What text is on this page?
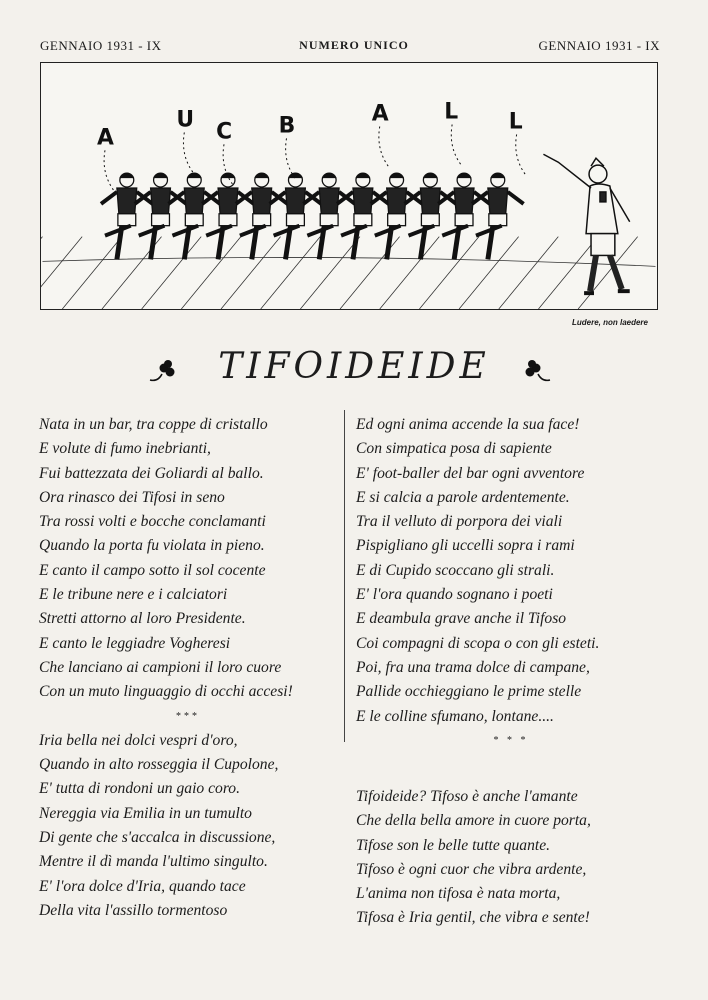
GENNAIO 1931 - IX	NUMERO UNICO	GENNAIO 1931 - IX
A
U C B	A	L L
Ludere, non laedere
TIFOIDEIDE
Nata in un bar, tra coppe di cristallo
E volute di fumo inebrianti,
Fui battezzata dei Goliardi al ballo.
Ora rinasco dei Tifosi in seno
Tra rossi volti e bocche conclamanti
Quando la porta fu violata in pieno.
E canto il campo sotto il sol cocente
E le tribune nere e i calciatori
Stretti attorno al loro Presidente.
E canto le leggiadre Vogheresi
Che lanciano ai campioni il loro cuore
Con un muto linguaggio di occhi accesi!
***
Iria bella nei dolci vespri d'oro,
Quando in alto rosseggia il Cupolone,
E' tutta di rondoni un gaio coro.
Nereggia via Emilia in un tumulto
Di gente che s'accalca in discussione,
Mentre il dì manda l'ultimo singulto.
E' l'ora dolce d'Iria, quando tace
Della vita l'assillo tormentoso
Ed ogni anima accende la sua face!
Con simpatica posa di sapiente
E' foot-baller del bar ogni avventore
E si calcia a parole ardentemente.
Tra il velluto di porpora dei viali
Pispigliano gli uccelli sopra i rami
E di Cupido scoccano gli strali.
E' l'ora quando sognano i poeti
E deambula grave anche il Tifoso
Coi compagni di scopa o con gli esteti.
Poi, fra una trama dolce di campane,
Pallide occhieggiano le prime stelle
E le colline sfumano, lontane....
* * *
Tifoideide? Tifoso è anche l'amante
Che della bella amore in cuore porta,
Tifose son le belle tutte quante.
Tifoso è ogni cuor che vibra ardente,
L'anima non tifosa è nata morta,
Tifosa è Iria gentil, che vibra e sente!
